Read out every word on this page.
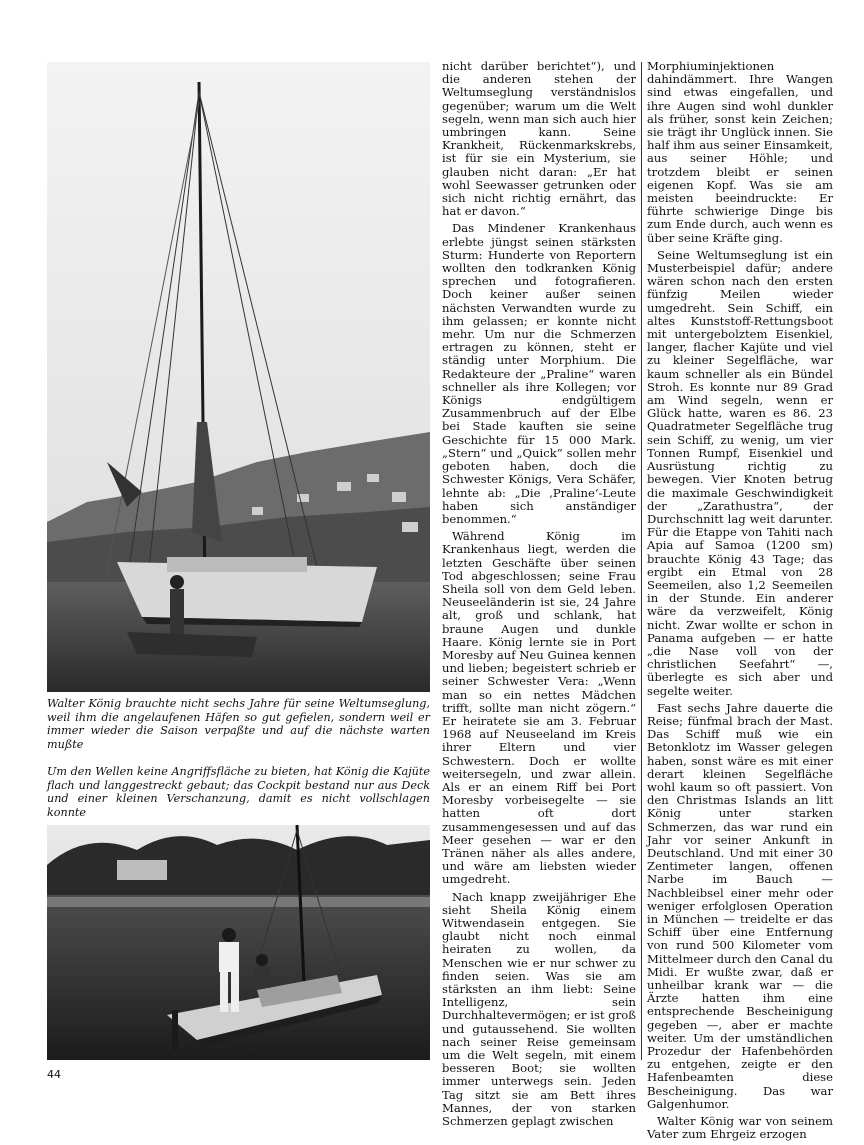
Walter König brauchte nicht sechs Jahre für seine Weltumseglung, weil ihm die angelaufenen Häfen so gut gefielen, sondern weil er immer wieder die Saison verpaßte und auf die nächste warten mußte
Um den Wellen keine Angriffsfläche zu bieten, hat König die Kajüte flach und langgestreckt gebaut; das Cockpit bestand nur aus Deck und einer kleinen Verschanzung, damit es nicht vollschlagen konnte
44

nicht darüber berichtet“), und die anderen stehen der Weltumseglung verständnislos gegenüber; warum um die Welt segeln, wenn man sich auch hier umbringen kann. Seine Krankheit, Rückenmarkskrebs, ist für sie ein Mysterium, sie glauben nicht daran: „Er hat wohl Seewasser getrunken oder sich nicht richtig ernährt, das hat er davon.“

Das Mindener Krankenhaus erlebte jüngst seinen stärksten Sturm: Hunderte von Reportern wollten den todkranken König sprechen und fotografieren. Doch keiner außer seinen nächsten Verwandten wurde zu ihm gelassen; er konnte nicht mehr. Um nur die Schmerzen ertragen zu können, steht er ständig unter Morphium. Die Redakteure der „Praline“ waren schneller als ihre Kollegen; vor Königs endgültigem Zusammenbruch auf der Elbe bei Stade kauften sie seine Geschichte für 15 000 Mark. „Stern“ und „Quick“ sollen mehr geboten haben, doch die Schwester Königs, Vera Schäfer, lehnte ab: „Die ‚Praline‘-Leute haben sich anständiger benommen.“

Während König im Krankenhaus liegt, werden die letzten Geschäfte über seinen Tod abgeschlossen; seine Frau Sheila soll von dem Geld leben. Neuseeländerin ist sie, 24 Jahre alt, groß und schlank, hat braune Augen und dunkle Haare. König lernte sie in Port Moresby auf Neu Guinea kennen und lieben; begeistert schrieb er seiner Schwester Vera: „Wenn man so ein nettes Mädchen trifft, sollte man nicht zögern.“ Er heiratete sie am 3. Februar 1968 auf Neuseeland im Kreis ihrer Eltern und vier Schwestern. Doch er wollte weitersegeln, und zwar allein. Als er an einem Riff bei Port Moresby vorbeisegelte — sie hatten oft dort zusammengesessen und auf das Meer gesehen — war er den Tränen näher als alles andere, und wäre am liebsten wieder umgedreht.

Nach knapp zweijähriger Ehe sieht Sheila König einem Witwendasein entgegen. Sie glaubt nicht noch einmal heiraten zu wollen, da Menschen wie er nur schwer zu finden seien. Was sie am stärksten an ihm liebt: Seine Intelligenz, sein Durchhaltevermögen; er ist groß und gutaussehend. Sie wollten nach seiner Reise gemeinsam um die Welt segeln, mit einem besseren Boot; sie wollten immer unterwegs sein. Jeden Tag sitzt sie am Bett ihres Mannes, der von starken Schmerzen geplagt zwischen

Morphiuminjektionen dahindämmert. Ihre Wangen sind etwas eingefallen, und ihre Augen sind wohl dunkler als früher, sonst kein Zeichen; sie trägt ihr Unglück innen. Sie half ihm aus seiner Einsamkeit, aus seiner Höhle; und trotzdem bleibt er seinen eigenen Kopf. Was sie am meisten beeindruckte: Er führte schwierige Dinge bis zum Ende durch, auch wenn es über seine Kräfte ging.

Seine Weltumseglung ist ein Musterbeispiel dafür; andere wären schon nach den ersten fünfzig Meilen wieder umgedreht. Sein Schiff, ein altes Kunststoff-Rettungsboot mit untergebolztem Eisenkiel, langer, flacher Kajüte und viel zu kleiner Segelfläche, war kaum schneller als ein Bündel Stroh. Es konnte nur 89 Grad am Wind segeln, wenn er Glück hatte, waren es 86. 23 Quadratmeter Segelfläche trug sein Schiff, zu wenig, um vier Tonnen Rumpf, Eisenkiel und Ausrüstung richtig zu bewegen. Vier Knoten betrug die maximale Geschwindigkeit der „Zarathustra“, der Durchschnitt lag weit darunter. Für die Etappe von Tahiti nach Apia auf Samoa (1200 sm) brauchte König 43 Tage; das ergibt ein Etmal von 28 Seemeilen, also 1,2 Seemeilen in der Stunde. Ein anderer wäre da verzweifelt, König nicht. Zwar wollte er schon in Panama aufgeben — er hatte „die Nase voll von der christlichen Seefahrt“ —, überlegte es sich aber und segelte weiter.

Fast sechs Jahre dauerte die Reise; fünfmal brach der Mast. Das Schiff muß wie ein Betonklotz im Wasser gelegen haben, sonst wäre es mit einer derart kleinen Segelfläche wohl kaum so oft passiert. Von den Christmas Islands an litt König unter starken Schmerzen, das war rund ein Jahr vor seiner Ankunft in Deutschland. Und mit einer 30 Zentimeter langen, offenen Narbe im Bauch — Nachbleibsel einer mehr oder weniger erfolglosen Operation in München — treidelte er das Schiff über eine Entfernung von rund 500 Kilometer vom Mittelmeer durch den Canal du Midi. Er wußte zwar, daß er unheilbar krank war — die Ärzte hatten ihm eine entsprechende Bescheinigung gegeben —, aber er machte weiter. Um der umständlichen Prozedur der Hafenbehörden zu entgehen, zeigte er den Hafenbeamten diese Bescheinigung. Das war Galgenhumor.

Walter König war von seinem Vater zum Ehrgeiz erzogen
